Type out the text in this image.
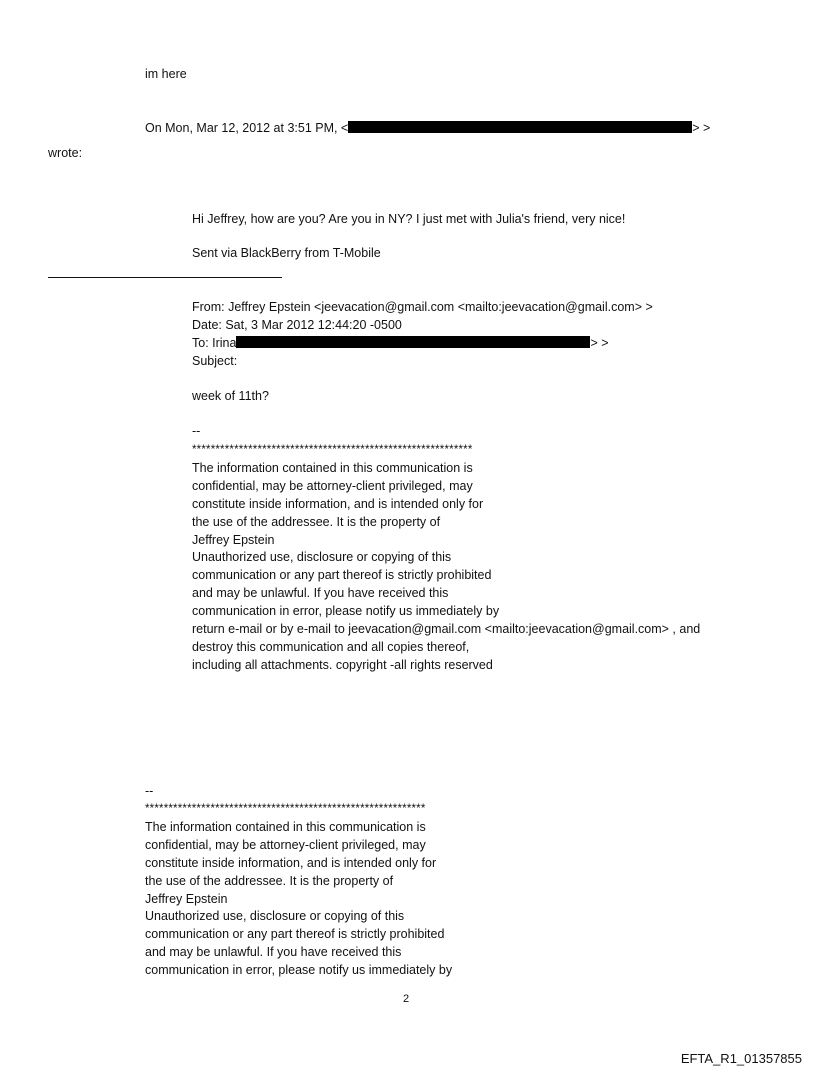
im here
On Mon, Mar 12, 2012 at 3:51 PM, <	> >
wrote:
Hi Jeffrey, how are you? Are you in NY? I just met with Julia's friend, very nice!
Sent via BlackBerry from T-Mobile
From: Jeffrey Epstein <jeevacation@gmail.com <mailto:jeevacation@gmail.com> >
Date: Sat, 3 Mar 2012 12:44:20 -0500
To: Irina	> >
Subject:
week of 11th?
--
************************************************************
The information contained in this communication is
confidential, may be attorney-client privileged, may
constitute inside information, and is intended only for
the use of the addressee. It is the property of
Jeffrey Epstein
Unauthorized use, disclosure or copying of this
communication or any part thereof is strictly prohibited
and may be unlawful. If you have received this
communication in error, please notify us immediately by
return e-mail or by e-mail to jeevacation@gmail.com <mailto:jeevacation@gmail.com> , and
destroy this communication and all copies thereof,
including all attachments. copyright -all rights reserved
--
************************************************************
The information contained in this communication is
confidential, may be attorney-client privileged, may
constitute inside information, and is intended only for
the use of the addressee. It is the property of
Jeffrey Epstein
Unauthorized use, disclosure or copying of this
communication or any part thereof is strictly prohibited
and may be unlawful. If you have received this
communication in error, please notify us immediately by
2
EFTA_R1_01357855
